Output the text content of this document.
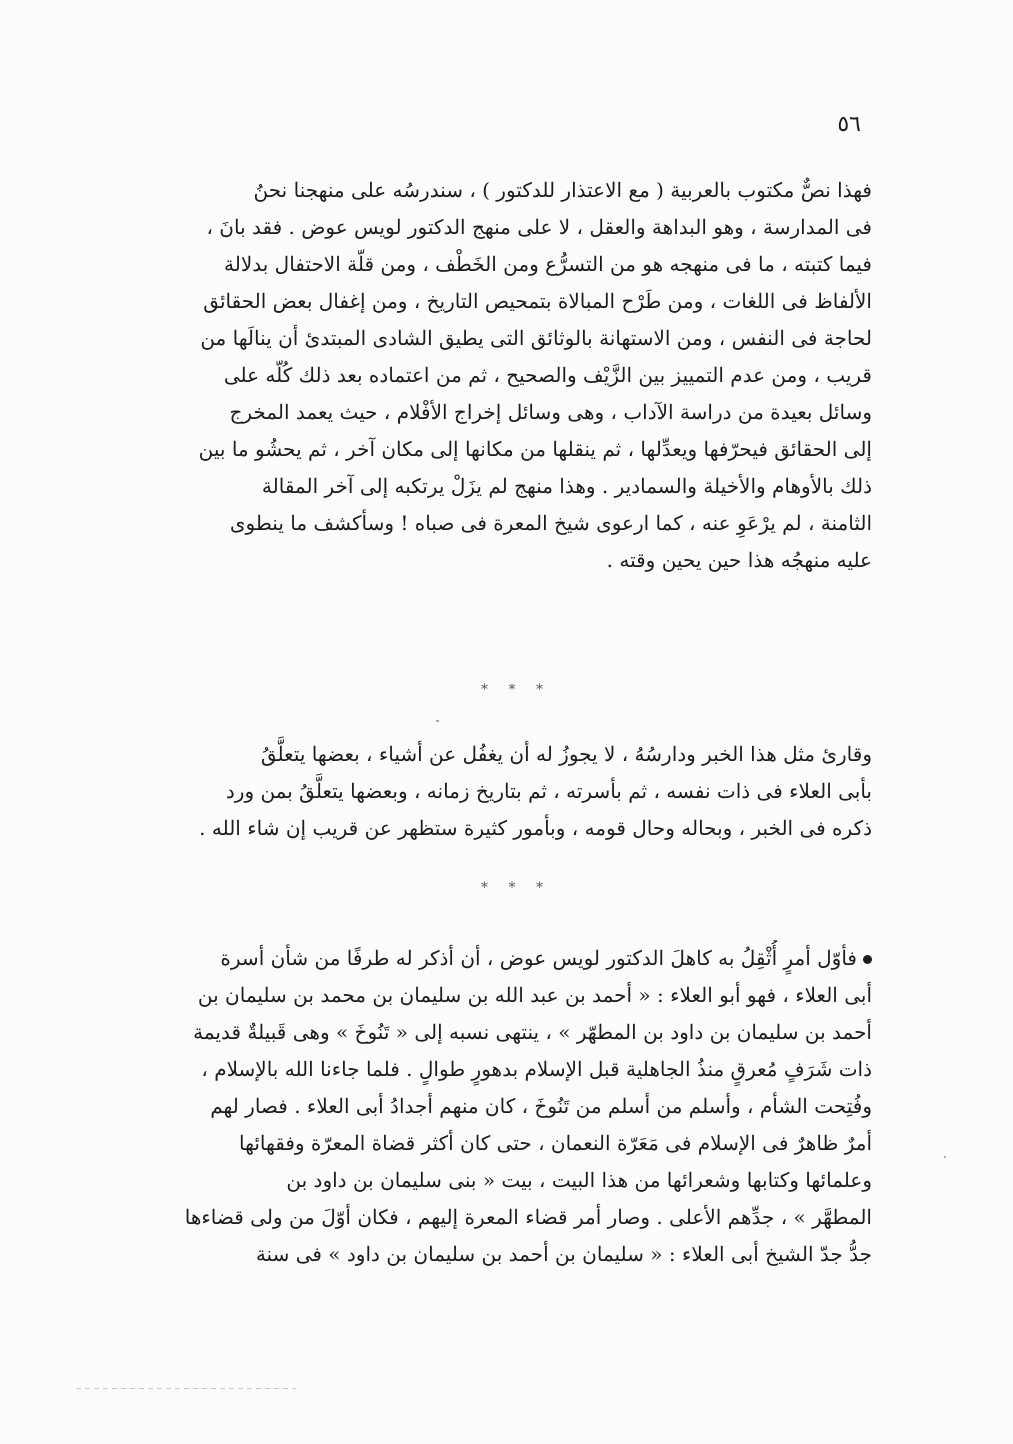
٥٦
فهذا نصٌّ مكتوب بالعربية ( مع الاعتذار للدكتور ) ، سندرسُه على منهجنا نحنُ
فى المدارسة ، وهو البداهة والعقل ، لا على منهج الدكتور لويس عوض . فقد بانَ ،
فيما كتبته ، ما فى منهجه هو من التسرُّع ومن الخَطْف ، ومن قلّة الاحتفال بدلالة
الألفاظ فى اللغات ، ومن طَرْح المبالاة بتمحيص التاريخ ، ومن إغفال بعض الحقائق
لحاجة فى النفس ، ومن الاستهانة بالوثائق التى يطيق الشادى المبتدئ أن ينالَها من
قريب ، ومن عدم التمييز بين الزَّيْف والصحيح ، ثم من اعتماده بعد ذلك كُلّه على
وسائل بعيدة من دراسة الآداب ، وهى وسائل إخراج الأفْلام ، حيث يعمد المخرج
إلى الحقائق فيحرّفها ويعدِّلها ، ثم ينقلها من مكانها إلى مكان آخر ، ثم يحشُو ما بين
ذلك بالأوهام والأخيلة والسمادير . وهذا منهج لم يزَلْ يرتكبه إلى آخر المقالة
الثامنة ، لم يرْعَوِ عنه ، كما ارعوى شيخ المعرة فى صباه ! وسأكشف ما ينطوى
عليه منهجُه هذا حين يحين وقته .
* * *
وقارئ مثل هذا الخبر ودارسُهُ ، لا يجوزُ له أن يغفُل عن أشياء ، بعضها يتعلَّقُ
بأبى العلاء فى ذات نفسه ، ثم بأسرته ، ثم بتاريخ زمانه ، وبعضها يتعلَّقُ بمن ورد
ذكره فى الخبر ، وبحاله وحال قومه ، وبأمور كثيرة ستظهر عن قريب إن شاء الله .
* * *
فأوّل أمرٍ أُثْقِلُ به كاهلَ الدكتور لويس عوض ، أن أذكر له طرفًا من شأن أسرة
أبى العلاء ، فهو أبو العلاء : « أحمد بن عبد الله بن سليمان بن محمد بن سليمان بن
أحمد بن سليمان بن داود بن المطهّر » ، ينتهى نسبه إلى « تَنُوخَ » وهى قَبيلةٌ قديمة
ذات شَرَفٍ مُعرقٍ منذُ الجاهلية قبل الإسلام بدهورٍ طوالٍ . فلما جاءنا الله بالإسلام ،
وفُتِحت الشأم ، وأسلم من أسلم من تَنُوخَ ، كان منهم أجدادُ أبى العلاء . فصار لهم
أمرٌ ظاهرٌ فى الإسلام فى مَعَرّة النعمان ، حتى كان أكثر قضاة المعرّة وفقهائها
وعلمائها وكتابها وشعرائها من هذا البيت ، بيت « بنى سليمان بن داود بن
المطهَّر » ، جدِّهم الأعلى . وصار أمر قضاء المعرة إليهم ، فكان أوّلَ من ولى قضاءها
جدُّ جدّ الشيخ أبى العلاء : « سليمان بن أحمد بن سليمان بن داود » فى سنة
